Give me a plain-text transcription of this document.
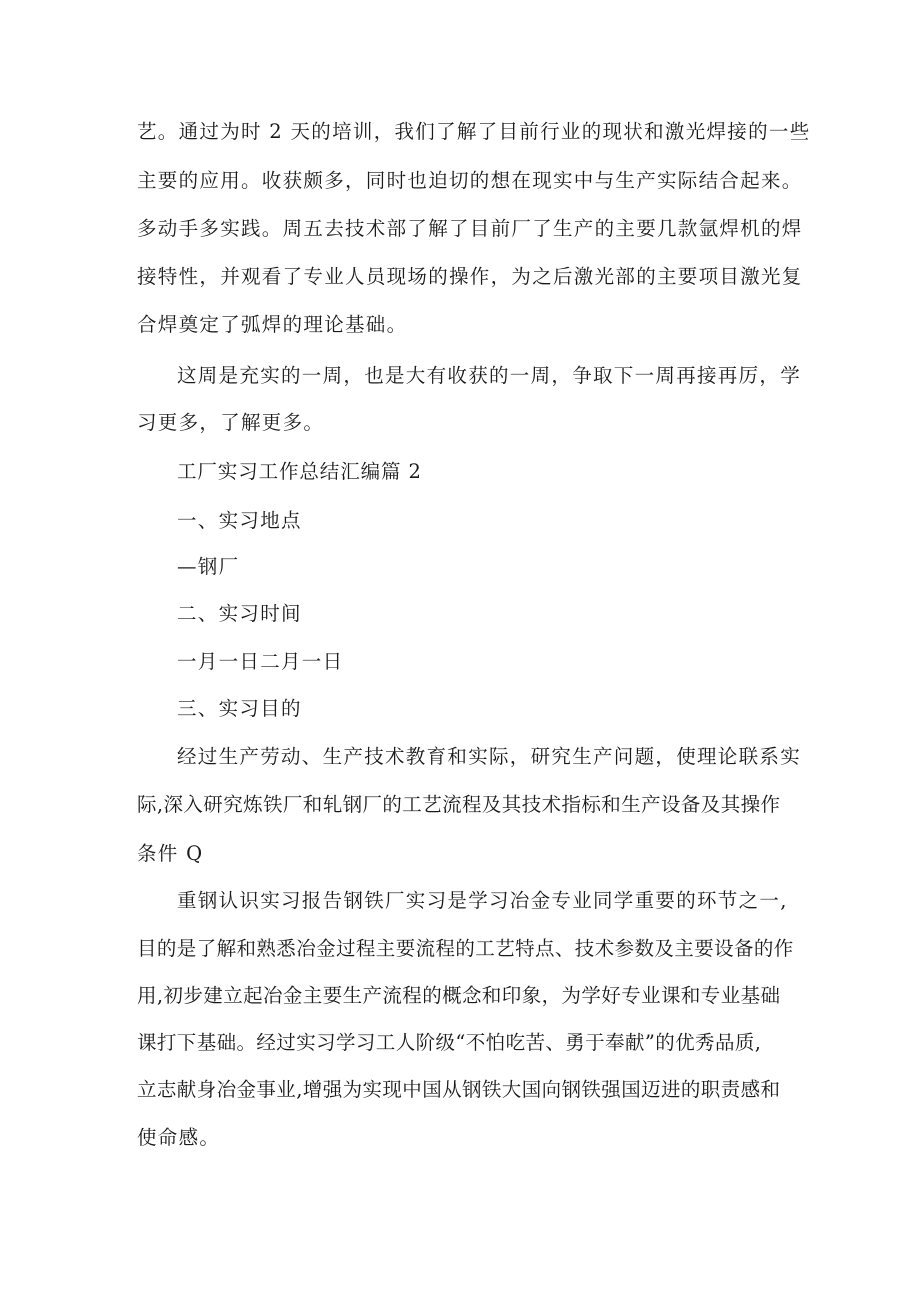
艺。通过为时 2 天的培训，我们了解了目前行业的现状和激光焊接的一些
主要的应用。收获颇多，同时也迫切的想在现实中与生产实际结合起来。
多动手多实践。周五去技术部了解了目前厂了生产的主要几款氩焊机的焊
接特性，并观看了专业人员现场的操作，为之后激光部的主要项目激光复
合焊奠定了弧焊的理论基础。
这周是充实的一周，也是大有收获的一周，争取下一周再接再厉，学
习更多，了解更多。
工厂实习工作总结汇编篇 2
一、实习地点
—钢厂
二、实习时间
一月一日二月一日
三、实习目的
经过生产劳动、生产技术教育和实际，研究生产问题，使理论联系实
际,深入研究炼铁厂和轧钢厂的工艺流程及其技术指标和生产设备及其操作
条件 Q
重钢认识实习报告钢铁厂实习是学习冶金专业同学重要的环节之一,
目的是了解和熟悉冶金过程主要流程的工艺特点、技术参数及主要设备的作
用,初步建立起冶金主要生产流程的概念和印象，为学好专业课和专业基础
课打下基础。经过实习学习工人阶级“不怕吃苦、勇于奉献”的优秀品质,
立志献身冶金事业,增强为实现中国从钢铁大国向钢铁强国迈进的职责感和
使命感。
